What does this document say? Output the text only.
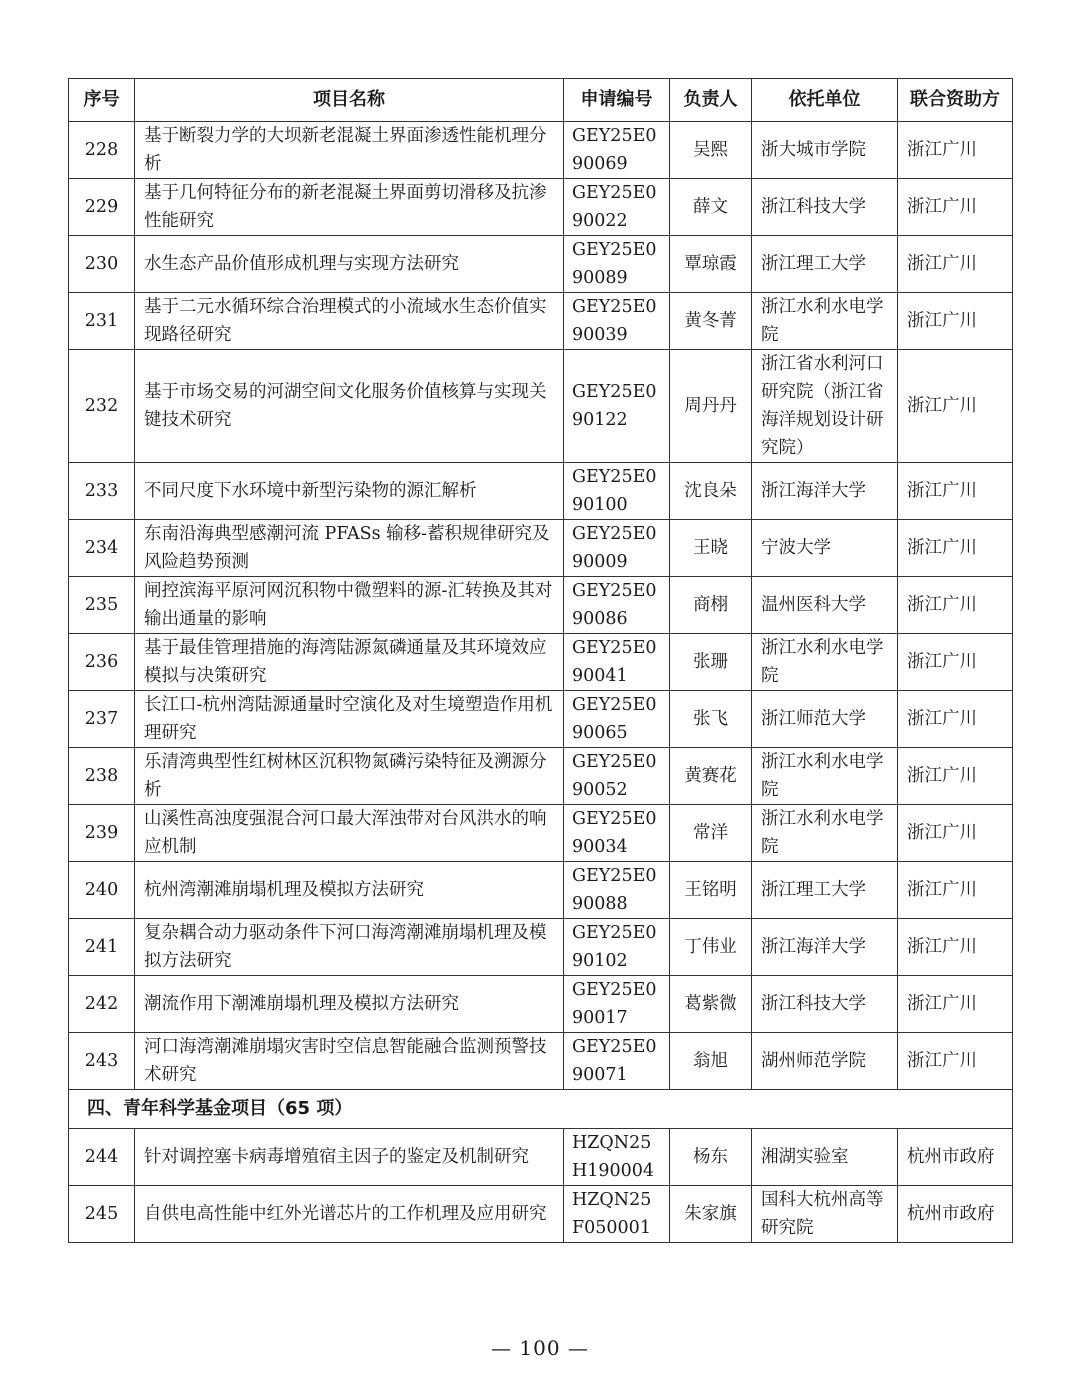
序号	项目名称	申请编号	负责人	依托单位	联合资助方
228	基于断裂力学的大坝新老混凝土界面渗透性能机理分析	GEY25E090069	吴熙	浙大城市学院	浙江广川
229	基于几何特征分布的新老混凝土界面剪切滑移及抗渗性能研究	GEY25E090022	薛文	浙江科技大学	浙江广川
230	水生态产品价值形成机理与实现方法研究	GEY25E090089	覃琼霞	浙江理工大学	浙江广川
231	基于二元水循环综合治理模式的小流域水生态价值实现路径研究	GEY25E090039	黄冬菁	浙江水利水电学院	浙江广川
232	基于市场交易的河湖空间文化服务价值核算与实现关键技术研究	GEY25E090122	周丹丹	浙江省水利河口研究院（浙江省海洋规划设计研究院）	浙江广川
233	不同尺度下水环境中新型污染物的源汇解析	GEY25E090100	沈良朵	浙江海洋大学	浙江广川
234	东南沿海典型感潮河流 PFASs 输移-蓄积规律研究及风险趋势预测	GEY25E090009	王晓	宁波大学	浙江广川
235	闸控滨海平原河网沉积物中微塑料的源-汇转换及其对输出通量的影响	GEY25E090086	商栩	温州医科大学	浙江广川
236	基于最佳管理措施的海湾陆源氮磷通量及其环境效应模拟与决策研究	GEY25E090041	张珊	浙江水利水电学院	浙江广川
237	长江口-杭州湾陆源通量时空演化及对生境塑造作用机理研究	GEY25E090065	张飞	浙江师范大学	浙江广川
238	乐清湾典型性红树林区沉积物氮磷污染特征及溯源分析	GEY25E090052	黄赛花	浙江水利水电学院	浙江广川
239	山溪性高浊度强混合河口最大浑浊带对台风洪水的响应机制	GEY25E090034	常洋	浙江水利水电学院	浙江广川
240	杭州湾潮滩崩塌机理及模拟方法研究	GEY25E090088	王铭明	浙江理工大学	浙江广川
241	复杂耦合动力驱动条件下河口海湾潮滩崩塌机理及模拟方法研究	GEY25E090102	丁伟业	浙江海洋大学	浙江广川
242	潮流作用下潮滩崩塌机理及模拟方法研究	GEY25E090017	葛紫微	浙江科技大学	浙江广川
243	河口海湾潮滩崩塌灾害时空信息智能融合监测预警技术研究	GEY25E090071	翁旭	湖州师范学院	浙江广川
四、青年科学基金项目（65 项）					
244	针对调控塞卡病毒增殖宿主因子的鉴定及机制研究	HZQN25H190004	杨东	湘湖实验室	杭州市政府
245	自供电高性能中红外光谱芯片的工作机理及应用研究	HZQN25F050001	朱家旗	国科大杭州高等研究院	杭州市政府
— 100 —
